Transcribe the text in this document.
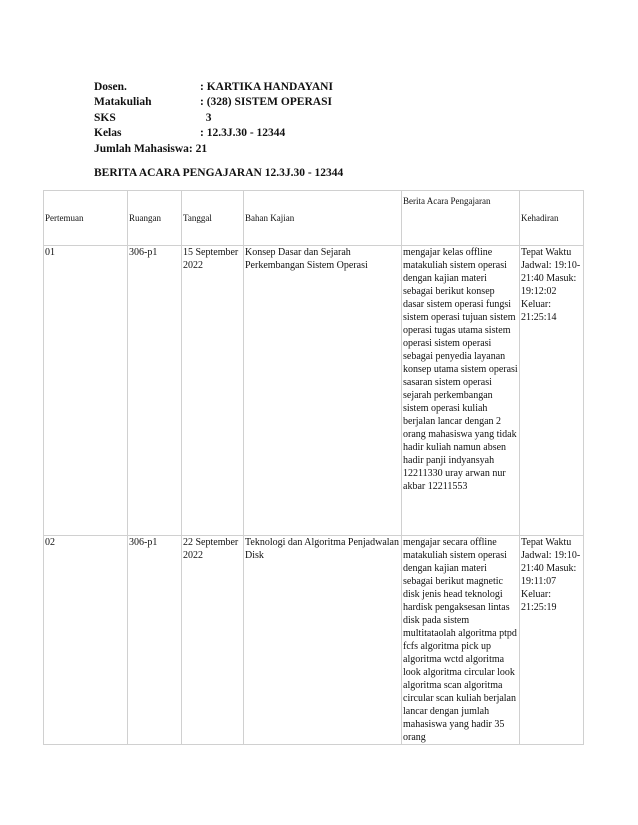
Dosen.	: KARTIKA HANDAYANI
Matakuliah	: (328) SISTEM OPERASI
SKS	3
Kelas	: 12.3J.30 - 12344
Jumlah Mahasiswa : 21
BERITA ACARA PENGAJARAN 12.3J.30 - 12344
Pertemuan	Ruangan	Tanggal	Bahan Kajian	Berita Acara Pengajaran	Kehadiran
01	306-p1	15 September 2022	Konsep Dasar dan Sejarah Perkembangan Sistem Operasi	mengajar kelas offline matakuliah sistem operasi dengan kajian materi sebagai berikut konsep dasar sistem operasi fungsi sistem operasi tujuan sistem operasi tugas utama sistem operasi sistem operasi sebagai penyedia layanan konsep utama sistem operasi sasaran sistem operasi sejarah perkembangan sistem operasi kuliah berjalan lancar dengan 2 orang mahasiswa yang tidak hadir kuliah namun absen hadir panji indyansyah 12211330 uray arwan nur akbar 12211553	Tepat Waktu Jadwal: 19:10-21:40 Masuk: 19:12:02 Keluar: 21:25:14
02	306-p1	22 September 2022	Teknologi dan Algoritma Penjadwalan Disk	mengajar secara offline matakuliah sistem operasi dengan kajian materi sebagai berikut magnetic disk jenis head teknologi hardisk pengaksesan lintas disk pada sistem multitataolah algoritma ptpd fcfs algoritma pick up algoritma wctd algoritma look algoritma circular look algoritma scan algoritma circular scan kuliah berjalan lancar dengan jumlah mahasiswa yang hadir 35 orang	Tepat Waktu Jadwal: 19:10-21:40 Masuk: 19:11:07 Keluar: 21:25:19
